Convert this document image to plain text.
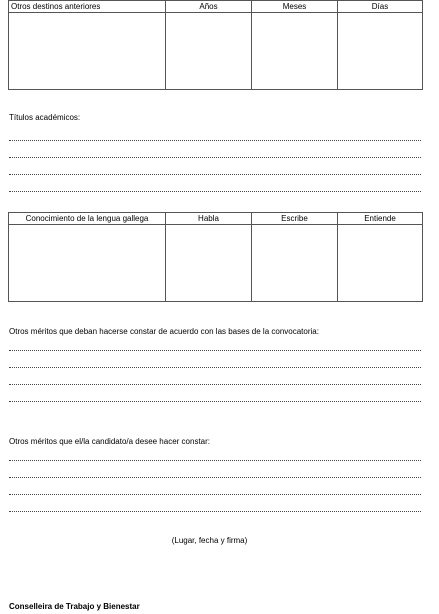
Otros destinos anteriores	Años	Meses	Días

Títulos académicos:
Conocimiento de la lengua gallega	Habla	Escribe	Entiende

Otros méritos que deban hacerse constar de acuerdo con las bases de la convocatoria:
Otros méritos que el/la candidato/a desee hacer constar:
(Lugar, fecha y firma)
Conselleira de Trabajo y Bienestar
